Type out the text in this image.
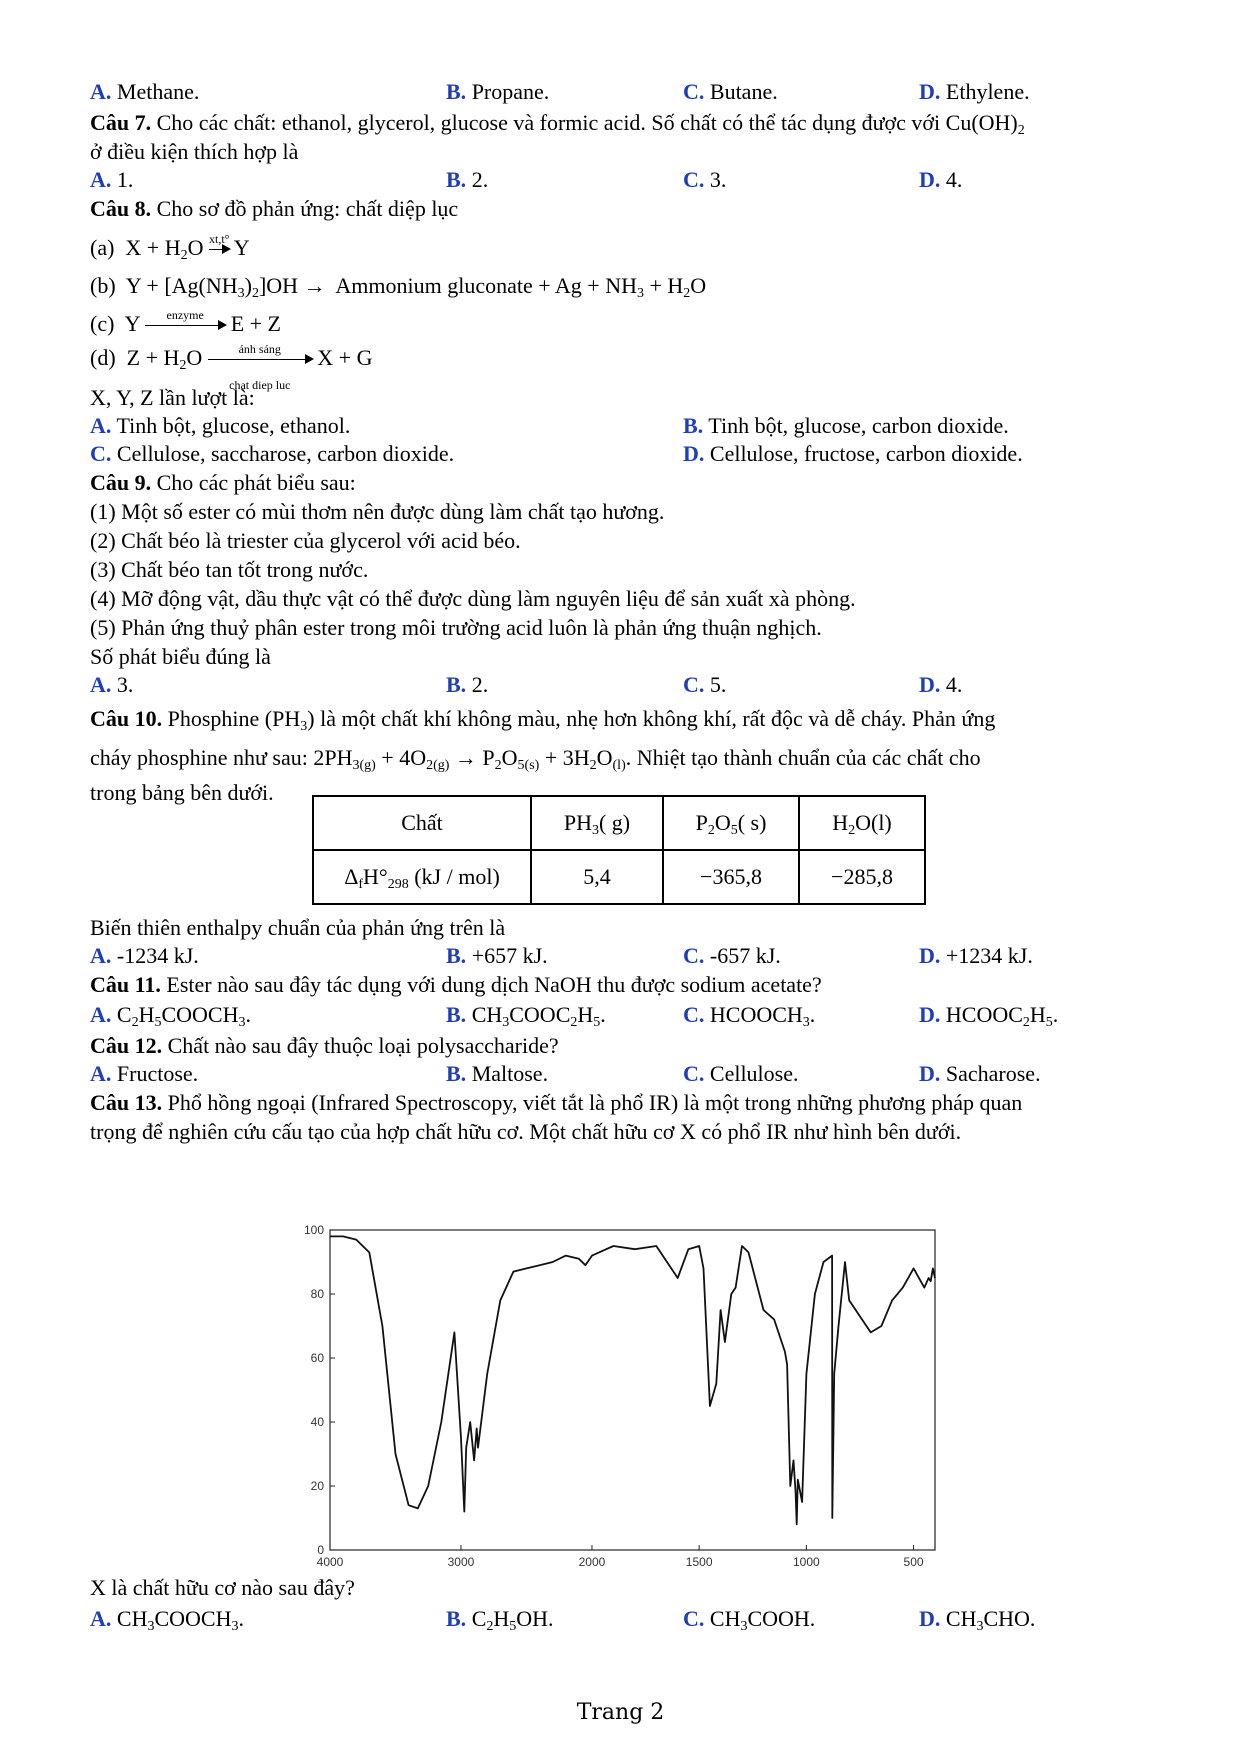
A. Methane.	B. Propane.	C. Butane.	D. Ethylene.
Câu 7. Cho các chất: ethanol, glycerol, glucose và formic acid. Số chất có thể tác dụng được với $Cu(OH)_2$
ở điều kiện thích hợp là
A. 1.	B. 2.	C. 3.	D. 4.
Câu 8. Cho sơ đồ phản ứng: chất diệp lục
(a) $X + H_2O$ xt,t° Y
(b) $Y + [Ag(NH_3)_2]OH$ → Ammonium gluconate + $Ag + NH_3 + H_2O$
(c) Y	enzyme	E + Z
(d) $Z + H_2O$	ánh sáng
chat diep luc
X + G
X, Y, Z lần lượt là:
A. Tinh bột, glucose, ethanol.	B. Tinh bột, glucose, carbon dioxide.
C. Cellulose, saccharose, carbon dioxide.	D. Cellulose, fructose, carbon dioxide.
Câu 9. Cho các phát biểu sau:
(1) Một số ester có mùi thơm nên được dùng làm chất tạo hương.
(2) Chất béo là triester của glycerol với acid béo.
(3) Chất béo tan tốt trong nước.
(4) Mỡ động vật, dầu thực vật có thể được dùng làm nguyên liệu để sản xuất xà phòng.
(5) Phản ứng thuỷ phân ester trong môi trường acid luôn là phản ứng thuận nghịch.
Số phát biểu đúng là
A. 3.	B. 2.	C. 5.	D. 4.
Câu 10. Phosphine $(PH_3)$ là một chất khí không màu, nhẹ hơn không khí, rất độc và dễ cháy. Phản ứng
cháy phosphine như sau: $2PH_{3(g)} + 4O_{2(g)} \to P_2O_{5(s)} + 3H_2O_{(l)}$. Nhiệt tạo thành chuẩn của các chất cho
trong bảng bên dưới.
Chất	$PH_3$( g)	$P_2O_5$( s)	$H_2O(l)$
$\Delta_fH^\circ_{298}$ (kJ / mol)	5,4	−365,8	−285,8
Biến thiên enthalpy chuẩn của phản ứng trên là
A. -1234 kJ.	B. +657 kJ.	C. -657 kJ.	D. +1234 kJ.
Câu 11. Ester nào sau đây tác dụng với dung dịch NaOH thu được sodium acetate?
A. $C_2H_5COOCH_3$.	B. $CH_3COOC_2H_5$.	C. $HCOOCH_3$.	D. $HCOOC_2H_5$.
Câu 12. Chất nào sau đây thuộc loại polysaccharide?
A. Fructose.	B. Maltose.	C. Cellulose.	D. Sacharose.
Câu 13. Phổ hồng ngoại (Infrared Spectroscopy, viết tắt là phổ IR) là một trong những phương pháp quan
trọng để nghiên cứu cấu tạo của hợp chất hữu cơ. Một chất hữu cơ X có phổ IR như hình bên dưới.
100
80
60
40
20
0
4000	3000	2000	1500	1000	500
X là chất hữu cơ nào sau đây?
A. $CH_3COOCH_3$.	B. $C_2H_5OH$.	C. $CH_3COOH$.	D. $CH_3CHO$.
Trang 2
